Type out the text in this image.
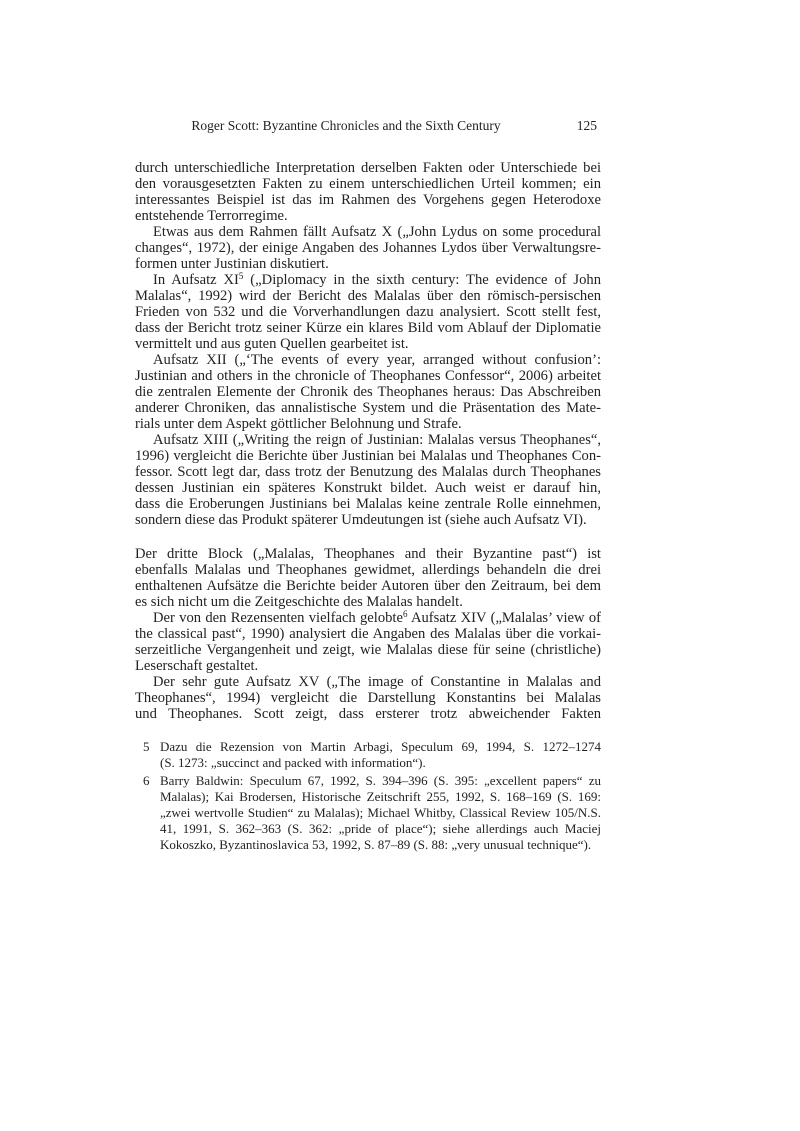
Roger Scott: Byzantine Chronicles and the Sixth Century	125
durch unterschiedliche Interpretation derselben Fakten oder Unterschiede bei
den vorausgesetzten Fakten zu einem unterschiedlichen Urteil kommen; ein
interessantes Beispiel ist das im Rahmen des Vorgehens gegen Heterodoxe
entstehende Terrorregime.
Etwas aus dem Rahmen fällt Aufsatz X („John Lydus on some procedural
changes“, 1972), der einige Angaben des Johannes Lydos über Verwaltungsre-
formen unter Justinian diskutiert.
In Aufsatz $XI^5$ („Diplomacy in the sixth century: The evidence of John
Malalas“, 1992) wird der Bericht des Malalas über den römisch-persischen
Frieden von 532 und die Vorverhandlungen dazu analysiert. Scott stellt fest,
dass der Bericht trotz seiner Kürze ein klares Bild vom Ablauf der Diplomatie
vermittelt und aus guten Quellen gearbeitet ist.
Aufsatz XII („‘The events of every year, arranged without confusion’:
Justinian and others in the chronicle of Theophanes Confessor“, 2006) arbeitet
die zentralen Elemente der Chronik des Theophanes heraus: Das Abschreiben
anderer Chroniken, das annalistische System und die Präsentation des Mate-
rials unter dem Aspekt göttlicher Belohnung und Strafe.
Aufsatz XIII („Writing the reign of Justinian: Malalas versus Theophanes“,
1996) vergleicht die Berichte über Justinian bei Malalas und Theophanes Con-
fessor. Scott legt dar, dass trotz der Benutzung des Malalas durch Theophanes
dessen Justinian ein späteres Konstrukt bildet. Auch weist er darauf hin,
dass die Eroberungen Justinians bei Malalas keine zentrale Rolle einnehmen,
sondern diese das Produkt späterer Umdeutungen ist (siehe auch Aufsatz VI).
Der dritte Block („Malalas, Theophanes and their Byzantine past“) ist
ebenfalls Malalas und Theophanes gewidmet, allerdings behandeln die drei
enthaltenen Aufsätze die Berichte beider Autoren über den Zeitraum, bei dem
es sich nicht um die Zeitgeschichte des Malalas handelt.
Der von den Rezensenten vielfach gelobte$^6$ Aufsatz XIV („Malalas’ view of
the classical past“, 1990) analysiert die Angaben des Malalas über die vorkai-
serzeitliche Vergangenheit und zeigt, wie Malalas diese für seine (christliche)
Leserschaft gestaltet.
Der sehr gute Aufsatz XV („The image of Constantine in Malalas and
Theophanes“, 1994) vergleicht die Darstellung Konstantins bei Malalas
und Theophanes. Scott zeigt, dass ersterer trotz abweichender Fakten
5 Dazu die Rezension von Martin Arbagi, Speculum 69, 1994, S. 1272–1274
(S. 1273: „succinct and packed with information“).
6 Barry Baldwin: Speculum 67, 1992, S. 394–396 (S. 395: „excellent papers“ zu
Malalas); Kai Brodersen, Historische Zeitschrift 255, 1992, S. 168–169 (S. 169:
„zwei wertvolle Studien“ zu Malalas); Michael Whitby, Classical Review 105/N.S.
41, 1991, S. 362–363 (S. 362: „pride of place“); siehe allerdings auch Maciej
Kokoszko, Byzantinoslavica 53, 1992, S. 87–89 (S. 88: „very unusual technique“).
